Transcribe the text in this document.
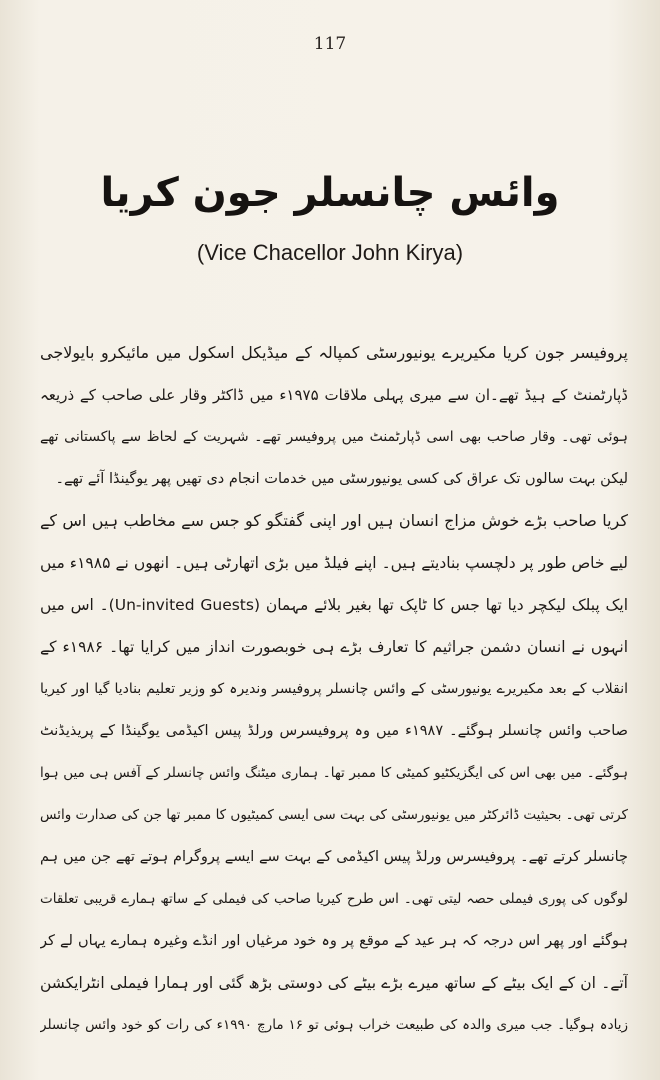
117
وائس چانسلر جون کریا
(Vice Chacellor John Kirya)
پروفیسر جون کریا مکیریرے یونیورسٹی کمپالہ کے میڈیکل اسکول میں مائیکرو بایولاجی
ڈپارٹمنٹ کے ہیڈ تھے۔ان سے میری پہلی ملاقات ۱۹۷۵ء میں ڈاکٹر وقار علی صاحب کے ذریعہ
ہوئی تھی۔ وقار صاحب بھی اسی ڈپارٹمنٹ میں پروفیسر تھے۔ شہریت کے لحاظ سے پاکستانی تھے
لیکن بہت سالوں تک عراق کی کسی یونیورسٹی میں خدمات انجام دی تھیں پھر یوگینڈا آئے تھے۔
کریا صاحب بڑے خوش مزاج انسان ہیں اور اپنی گفتگو کو جس سے مخاطب ہیں اس کے
لیے خاص طور پر دلچسپ بنادیتے ہیں۔ اپنے فیلڈ میں بڑی اتھارٹی ہیں۔ انھوں نے ۱۹۸۵ء میں
ایک پبلک لیکچر دیا تھا جس کا ٹاپک تھا بغیر بلائے مہمان (Un-invited Guests)۔ اس میں
انہوں نے انسان دشمن جراثیم کا تعارف بڑے ہی خوبصورت انداز میں کرایا تھا۔ ۱۹۸۶ء کے
انقلاب کے بعد مکیریرے یونیورسٹی کے وائس چانسلر پروفیسر وندیرہ کو وزیر تعلیم بنادیا گیا اور کیریا
صاحب وائس چانسلر ہوگئے۔ ۱۹۸۷ء میں وہ پروفیسرس ورلڈ پیس اکیڈمی یوگینڈا کے پریذیڈنٹ
ہوگئے۔ میں بھی اس کی ایگزیکٹیو کمیٹی کا ممبر تھا۔ ہماری میٹنگ وائس چانسلر کے آفس ہی میں ہوا
کرتی تھی۔ بحیثیت ڈائرکٹر میں یونیورسٹی کی بہت سی ایسی کمیٹیوں کا ممبر تھا جن کی صدارت وائس
چانسلر کرتے تھے۔ پروفیسرس ورلڈ پیس اکیڈمی کے بہت سے ایسے پروگرام ہوتے تھے جن میں ہم
لوگوں کی پوری فیملی حصہ لیتی تھی۔ اس طرح کیریا صاحب کی فیملی کے ساتھ ہمارے قریبی تعلقات
ہوگئے اور پھر اس درجہ کہ ہر عید کے موقع پر وہ خود مرغیاں اور انڈے وغیرہ ہمارے یہاں لے کر
آتے۔ ان کے ایک بیٹے کے ساتھ میرے بڑے بیٹے کی دوستی بڑھ گئی اور ہمارا فیملی انٹرایکشن
زیادہ ہوگیا۔ جب میری والدہ کی طبیعت خراب ہوئی تو ۱۶ مارچ ۱۹۹۰ء کی رات کو خود وائس چانسلر
